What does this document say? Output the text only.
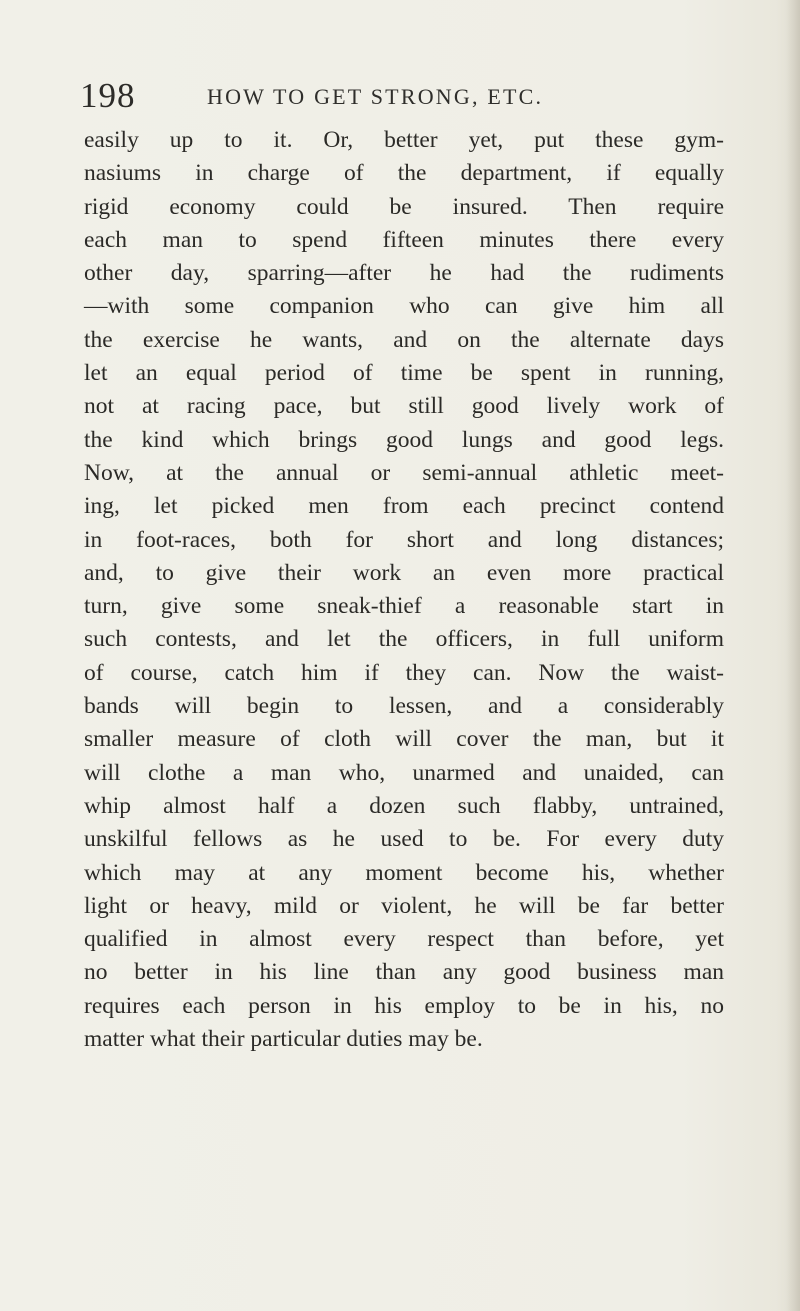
198	HOW TO GET STRONG, ETC.
easily up to it. Or, better yet, put these gym-
nasiums in charge of the department, if equally
rigid economy could be insured. Then require
each man to spend fifteen minutes there every
other day, sparring—after he had the rudiments
—with some companion who can give him all
the exercise he wants, and on the alternate days
let an equal period of time be spent in running,
not at racing pace, but still good lively work of
the kind which brings good lungs and good legs.
Now, at the annual or semi-annual athletic meet-
ing, let picked men from each precinct contend
in foot-races, both for short and long distances;
and, to give their work an even more practical
turn, give some sneak-thief a reasonable start in
such contests, and let the officers, in full uniform
of course, catch him if they can. Now the waist-
bands will begin to lessen, and a considerably
smaller measure of cloth will cover the man, but it
will clothe a man who, unarmed and unaided, can
whip almost half a dozen such flabby, untrained,
unskilful fellows as he used to be. For every duty
which may at any moment become his, whether
light or heavy, mild or violent, he will be far better
qualified in almost every respect than before, yet
no better in his line than any good business man
requires each person in his employ to be in his, no
matter what their particular duties may be.
